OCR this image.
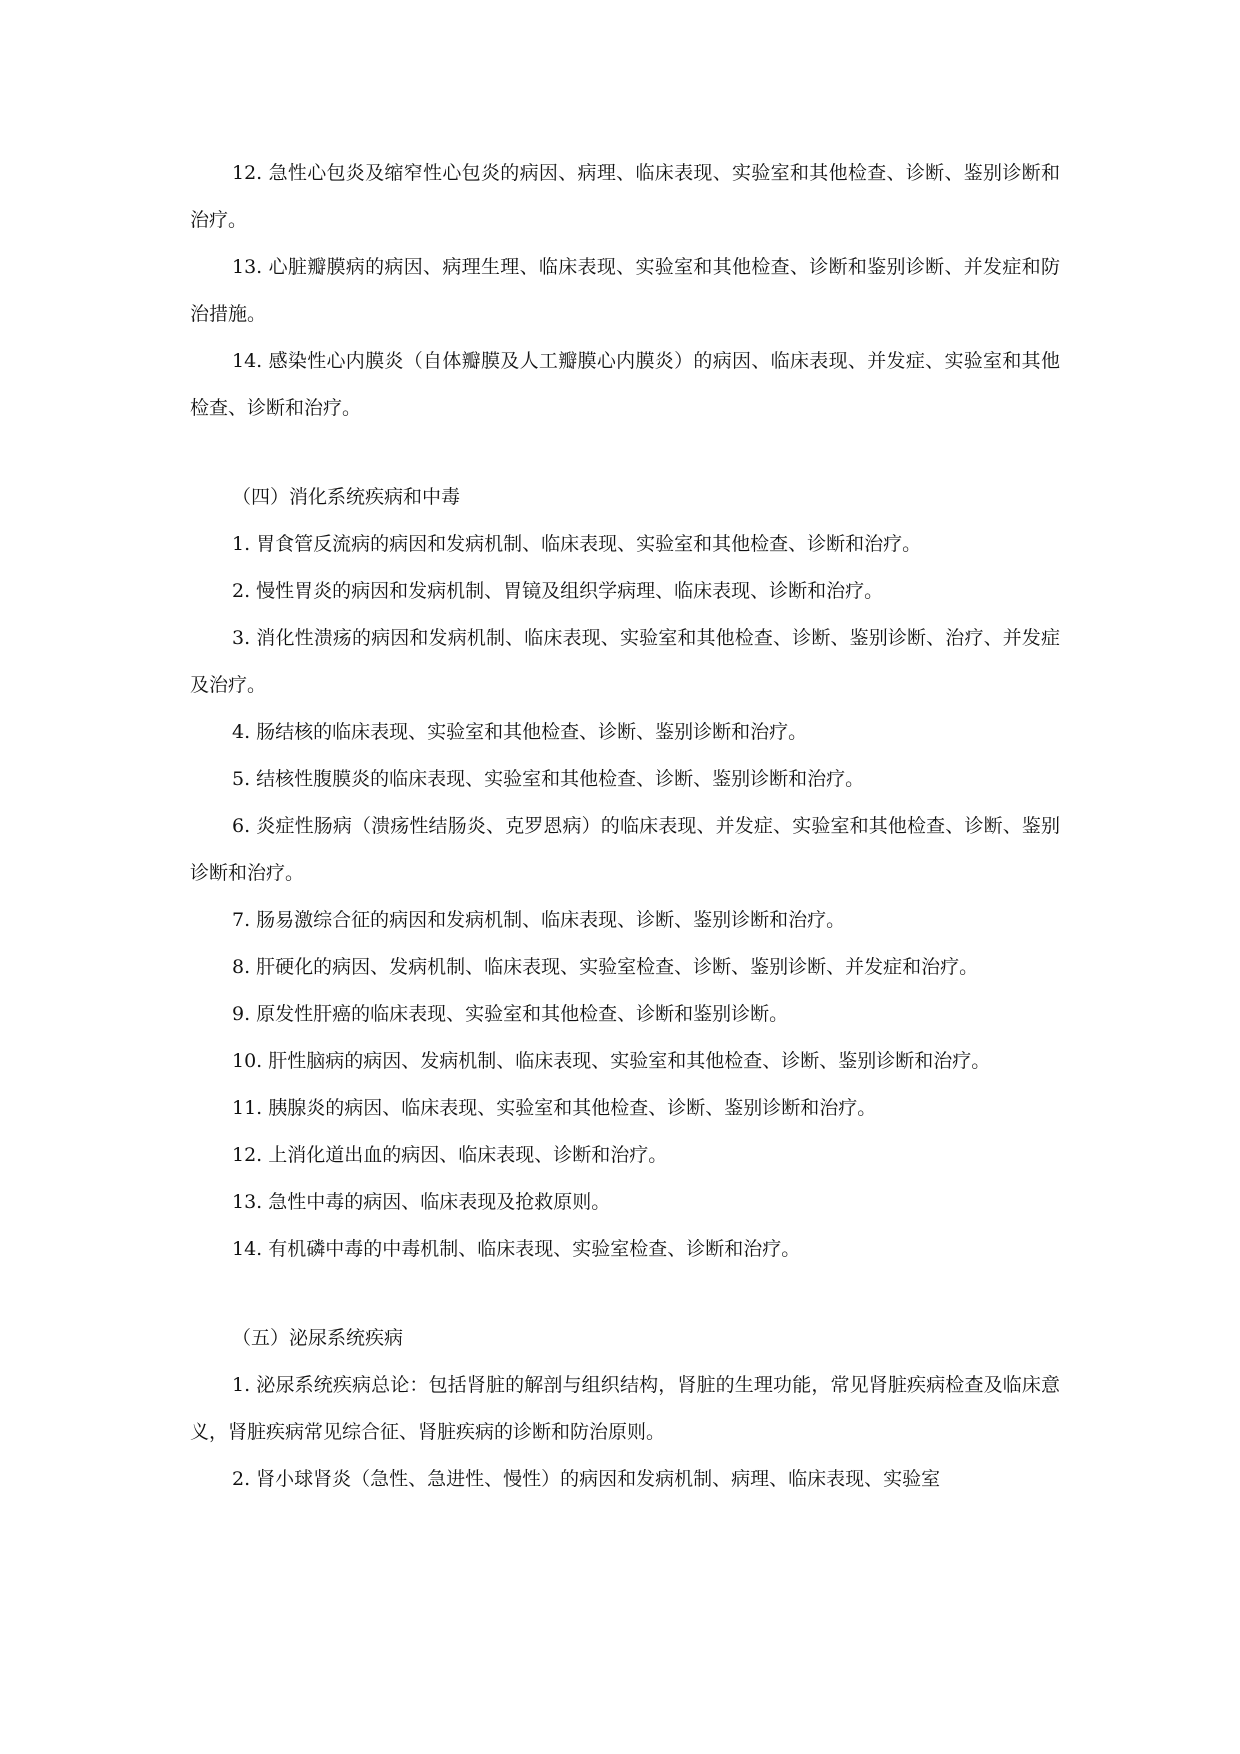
12. 急性心包炎及缩窄性心包炎的病因、病理、临床表现、实验室和其他检查、诊断、鉴别诊断和治疗。

13. 心脏瓣膜病的病因、病理生理、临床表现、实验室和其他检查、诊断和鉴别诊断、并发症和防治措施。

14. 感染性心内膜炎（自体瓣膜及人工瓣膜心内膜炎）的病因、临床表现、并发症、实验室和其他检查、诊断和治疗。

（四）消化系统疾病和中毒

1. 胃食管反流病的病因和发病机制、临床表现、实验室和其他检查、诊断和治疗。

2. 慢性胃炎的病因和发病机制、胃镜及组织学病理、临床表现、诊断和治疗。

3. 消化性溃疡的病因和发病机制、临床表现、实验室和其他检查、诊断、鉴别诊断、治疗、并发症及治疗。

4. 肠结核的临床表现、实验室和其他检查、诊断、鉴别诊断和治疗。

5. 结核性腹膜炎的临床表现、实验室和其他检查、诊断、鉴别诊断和治疗。

6. 炎症性肠病（溃疡性结肠炎、克罗恩病）的临床表现、并发症、实验室和其他检查、诊断、鉴别诊断和治疗。

7. 肠易激综合征的病因和发病机制、临床表现、诊断、鉴别诊断和治疗。

8. 肝硬化的病因、发病机制、临床表现、实验室检查、诊断、鉴别诊断、并发症和治疗。

9. 原发性肝癌的临床表现、实验室和其他检查、诊断和鉴别诊断。

10. 肝性脑病的病因、发病机制、临床表现、实验室和其他检查、诊断、鉴别诊断和治疗。

11. 胰腺炎的病因、临床表现、实验室和其他检查、诊断、鉴别诊断和治疗。

12. 上消化道出血的病因、临床表现、诊断和治疗。

13. 急性中毒的病因、临床表现及抢救原则。

14. 有机磷中毒的中毒机制、临床表现、实验室检查、诊断和治疗。

（五）泌尿系统疾病

1. 泌尿系统疾病总论：包括肾脏的解剖与组织结构，肾脏的生理功能，常见肾脏疾病检查及临床意义，肾脏疾病常见综合征、肾脏疾病的诊断和防治原则。

2. 肾小球肾炎（急性、急进性、慢性）的病因和发病机制、病理、临床表现、实验室
